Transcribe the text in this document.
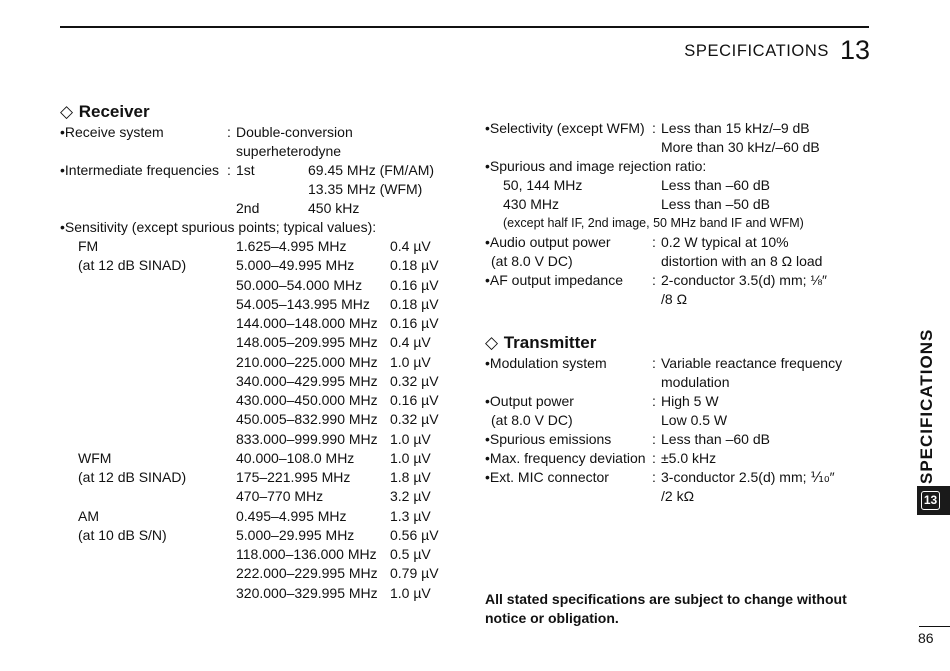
SPECIFICATIONS 13
◇ Receiver
•Receive system	: Double-conversion
superheterodyne
•Intermediate frequencies : 1st	69.45 MHz (FM/AM)
13.35 MHz (WFM)
2nd	450 kHz
•Sensitivity (except spurious points; typical values):
FM	1.625–4.995 MHz	0.4 µV
(at 12 dB SINAD)	5.000–49.995 MHz	0.18 µV
50.000–54.000 MHz 0.16 µV
54.005–143.995 MHz 0.18 µV
144.000–148.000 MHz 0.16 µV
148.005–209.995 MHz 0.4 µV
210.000–225.000 MHz 1.0 µV
340.000–429.995 MHz 0.32 µV
430.000–450.000 MHz 0.16 µV
450.005–832.990 MHz 0.32 µV
833.000–999.990 MHz 1.0 µV
WFM	40.000–108.0 MHz	1.0 µV
(at 12 dB SINAD)	175–221.995 MHz	1.8 µV
470–770 MHz	3.2 µV
AM	0.495–4.995 MHz	1.3 µV
(at 10 dB S/N)	5.000–29.995 MHz	0.56 µV
118.000–136.000 MHz 0.5 µV
222.000–229.995 MHz 0.79 µV
320.000–329.995 MHz 1.0 µV
•Selectivity (except WFM) : Less than 15 kHz/–9 dB
More than 30 kHz/–60 dB
•Spurious and image rejection ratio:
50, 144 MHz	Less than –60 dB
430 MHz	Less than –50 dB
(except half IF, 2nd image, 50 MHz band IF and WFM)
•Audio output power	: 0.2 W typical at 10%
(at 8.0 V DC)	distortion with an 8 Ω load
•AF output impedance : 2-conductor 3.5(d) mm; ⅛″
/8 Ω
◇ Transmitter
•Modulation system	: Variable reactance frequency
modulation
•Output power	: High 5 W
(at 8.0 V DC)	Low 0.5 W
•Spurious emissions	: Less than –60 dB
•Max. frequency deviation : ±5.0 kHz
•Ext. MIC connector	: 3-conductor 2.5(d) mm; ⅒″
/2 kΩ
All stated specifications are subject to change without
notice or obligation.
SPECIFICATIONS
13
86
